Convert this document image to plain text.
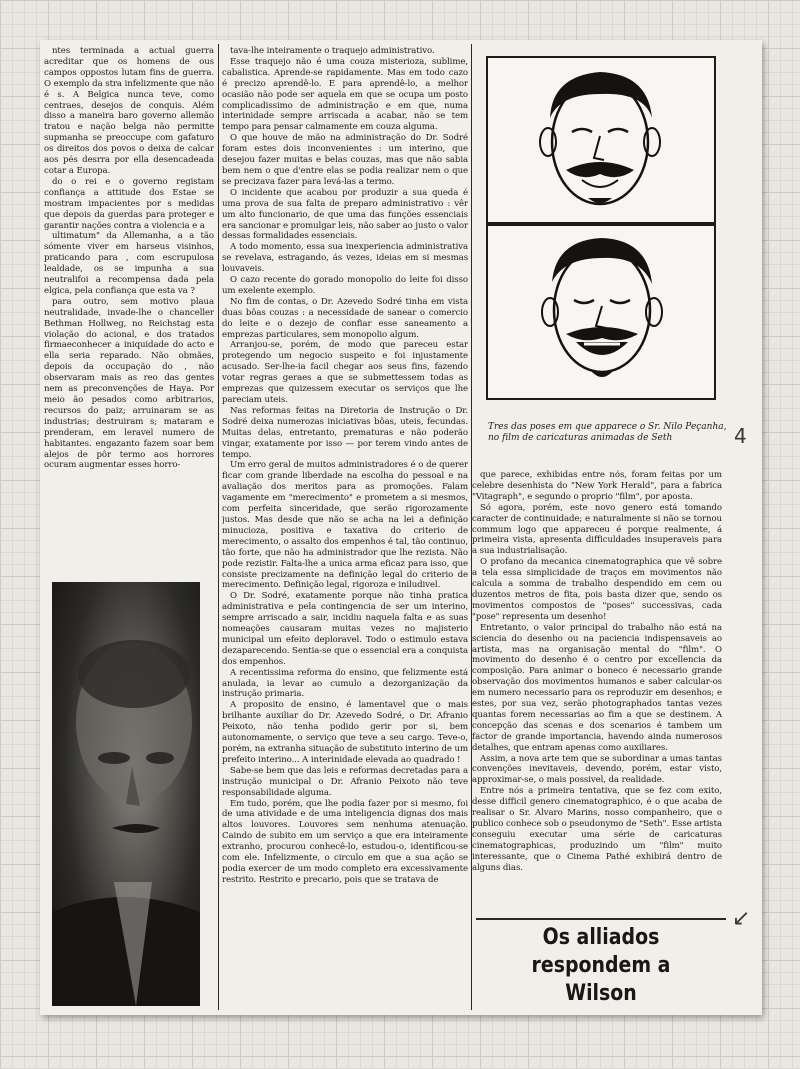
ntes terminada a actual guerra acreditar que os homens de ous campos oppostos lutam fins de guerra. O exemplo da stra infelizmente que não é s. A Belgica nunca teve, como centraes, desejos de conquis. Além disso a maneira baro governo allemão tratou e nação belga não permitte supmanha se preoccupe com gafaturo os direitos dos povos o deixa de calcar aos pés desrra por ella desencadeada cotar a Europa.

do o rei e o governo registam confiança a attitude dos Estae se mostram impacientes por s medidas que depois da guerdas para proteger e garantir nações contra a violencia e a

ultimatum" da Allemanha, a a tão sómente viver em harseus visinhos, praticando para , com escrupulosa lealdade, os se impunha a sua neutralifoi a recompensa dada pela elgica, pela confiança que esta va ?

para outro, sem motivo plaua neutralidade, invade-lhe o chanceller Bethman Hollweg, no Reichstag esta violação do acional, e dos tratados firmaeconhecer a iniquidade do acto e ella seria reparado. Não obmães, depois da occupação do , não observaram mais as reo das gentes nem as preconvenções de Haya. Por meio ão pesados como arbitrarios, recursos do paiz; arruinaram se as industrias; destruiram s; mataram e prenderam, em leravel numero de habitantes. engazanto fazem soar bem alejos de pôr termo aos horrores ocuram augmentar esses horro-

tava-lhe inteiramente o traquejo administrativo.

Esse traquejo não é uma couza misterioza, sublime, cabalistica. Aprende-se rapidamente. Mas em todo cazo é precizo aprendê-lo. E para aprendê-lo, a melhor ocasião não pode ser aquela em que se ocupa um posto complicadissimo de administração e em que, numa interinidade sempre arriscada a acabar, não se tem tempo para pensar calmamente em couza alguma.

O que houve de mão na administração do Dr. Sodré foram estes dois inconvenientes : um interino, que desejou fazer muitas e belas couzas, mas que não sabia bem nem o que d'entre elas se podia realizar nem o que se precizava fazer para levá-las a termo.

O incidente que acabou por produzir a sua queda é uma prova de sua falta de preparo administrativo : vêr um alto funcionario, de que uma das funções essenciais era sancionar e promulgar leis, não saber ao justo o valor dessas formalidades essenciais.

A todo momento, essa sua inexperiencia administrativa se revelava, estragando, ás vezes, ideias em si mesmas louvaveis.

O cazo recente do gorado monopolio do leite foi disso um exelente exemplo.

No fim de contas, o Dr. Azevedo Sodré tinha em vista duas bôas couzas : a necessidade de sanear o comercio do leite e o dezejo de confiar esse saneamento a emprezas particulares, sem monopolio algum.

Arranjou-se, porém, de modo que pareceu estar protegendo um negocio suspeito e foi injustamente acusado. Ser-lhe-ia facil chegar aos seus fins, fazendo votar regras geraes a que se submettessem todas as emprezas que quizessem executar os serviços que lhe pareciam uteis.

Nas reformas feitas na Diretoria de Instrução o Dr. Sodré deixa numerozas iniciativas bôas, uteis, fecundas. Muitas delas, entretanto, prematuras e não poderão vingar, exatamente por isso — por terem vindo antes de tempo.

Um erro geral de muitos administradores é o de querer ficar com grande liberdade na escolha do pessoal e na avaliação dos meritos para as promoções. Falam vagamente em "merecimento" e prometem a si mesmos, com perfeita sinceridade, que serão rigorozamente justos. Mas desde que não se acha na lei a definição minucioza, positiva e taxativa do criterio de merecimento, o assalto dos empenhos é tal, tão continuo, tão forte, que não ha administrador que lhe rezista. Não pode rezistir. Falta-lhe a unica arma eficaz para isso, que consiste precizamente na definição legal do criterio de merecimento. Definição legal, rigoroza e iniludivel.

O Dr. Sodré, exatamente porque não tinha pratica administrativa e pela contingencia de ser um interino, sempre arriscado a sair, incidiu naquela falta e as suas nomeações causaram muitas vezes no majisterio municipal um efeito deploravel. Todo o estimulo estava dezaparecendo. Sentia-se que o essencial era a conquista dos empenhos.

A recentissima reforma do ensino, que felizmente está anulada, ia levar ao cumulo a dezorganização da instrução primaria.

A proposito de ensino, é lamentavel que o mais brilhante auxiliar do Dr. Azevedo Sodré, o Dr. Afranio Peixoto, não tenha podido gerir por si, bem autonomamente, o serviço que teve a seu cargo. Teve-o, porém, na extranha situação de substituto interino de um prefeito interino... A interinidade elevada ao quadrado !

Sabe-se bem que das leis e reformas decretadas para a instrução municipal o Dr. Afranio Peixoto não teve responsabilidade alguma.

Em tudo, porém, que lhe podia fazer por si mesmo, foi de uma atividade e de uma inteligencia dignas dos mais altos louvores. Louvores sem nenhuma atenuação. Caindo de subito em um serviço a que era inteiramente extranho, procurou conhecê-lo, estudou-o, identificou-se com ele. Infelizmente, o circulo em que a sua ação se podia exercer de um modo completo era excessivamente restrito. Restrito e precario, pois que se tratava de

Tres das poses em que apparece o Sr. Nilo Peçanha, no film de caricaturas animadas de Seth

que parece, exhibidas entre nós, foram feitas por um celebre desenhista do "New York Herald", para a fabrica "Vitagraph", e segundo o proprio "film", por aposta.

Só agora, porém, este novo genero está tomando caracter de continuidade; e naturalmente si não se tornou commum logo que appareceu é porque realmente, á primeira vista, apresenta difficuldades insuperaveis para a sua industrialisação.

O profano da mecanica cinematographica que vê sobre a tela essa simplicidade de traços em movimentos não calcula a somma de trabalho despendido em cem ou duzentos metros de fita, pois basta dizer que, sendo os movimentos compostos de "poses" successivas, cada "pose" representa um desenho!

Entretanto, o valor principal do trabalho não está na sciencia do desenho ou na paciencia indispensaveis ao artista, mas na organisação mental do "film". O movimento do desenho é o centro por excellencia da composição. Para animar o boneco é necessario grande observação dos movimentos humanos e saber calcular-os em numero necessario para os reproduzir em desenhos; e estes, por sua vez, serão photographados tantas vezes quantas forem necessarias ao fim a que se destinem. A concepção das scenas e dos scenarios é tambem um factor de grande importancia, havendo ainda numerosos detalhes, que entram apenas como auxiliares.

Assim, a nova arte tem que se subordinar a umas tantas convenções inevitaveis, devendo, porém, estar visto, approximar-se, o mais possivel, da realidade.

Entre nós a primeira tentativa, que se fez com exito, desse difficil genero cinematographico, é o que acaba de realisar o Sr. Alvaro Marins, nosso companheiro, que o publico conhece sob o pseudonymo de "Seth". Esse artista conseguiu executar uma série de caricaturas cinematographicas, produzindo um "film" muito interessante, que o Cinema Pathé exhibirá dentro de alguns dias.

Os alliados respondem a
Wilson
4
↙
